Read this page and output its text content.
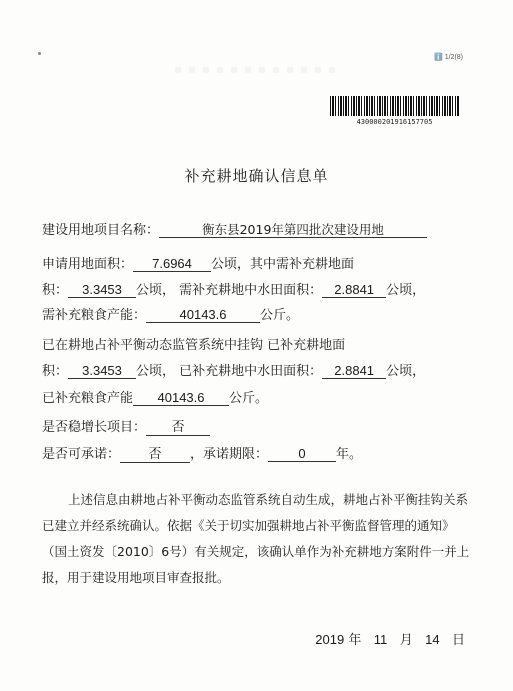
ℹ️ 1/2(8)
430000201916157705
补充耕地确认信息单
建设用地项目名称：	衡东县2019年第四批次建设用地
申请用地面积： 7.6964 公顷，其中需补充耕地面
积： 3.3453 公顷， 需补充耕地中水田面积： 2.8841 公顷，
需补充粮食产能：	40143.6	公斤。
已在耕地占补平衡动态监管系统中挂钩 已补充耕地面
积： 3.3453 公顷， 已补充耕地中水田面积： 2.8841 公顷，
已补充粮食产能 40143.6 公斤。
是否稳增长项目： 否
是否可承诺： 否 ，承诺期限： 0 年。
上述信息由耕地占补平衡动态监管系统自动生成，耕地占补平衡挂钩关系已建立并经系统确认。依据《关于切实加强耕地占补平衡监督管理的通知》（国土资发〔2010〕6号）有关规定，该确认单作为补充耕地方案附件一并上报，用于建设用地项目审查报批。
2019 年 11 月 14 日
